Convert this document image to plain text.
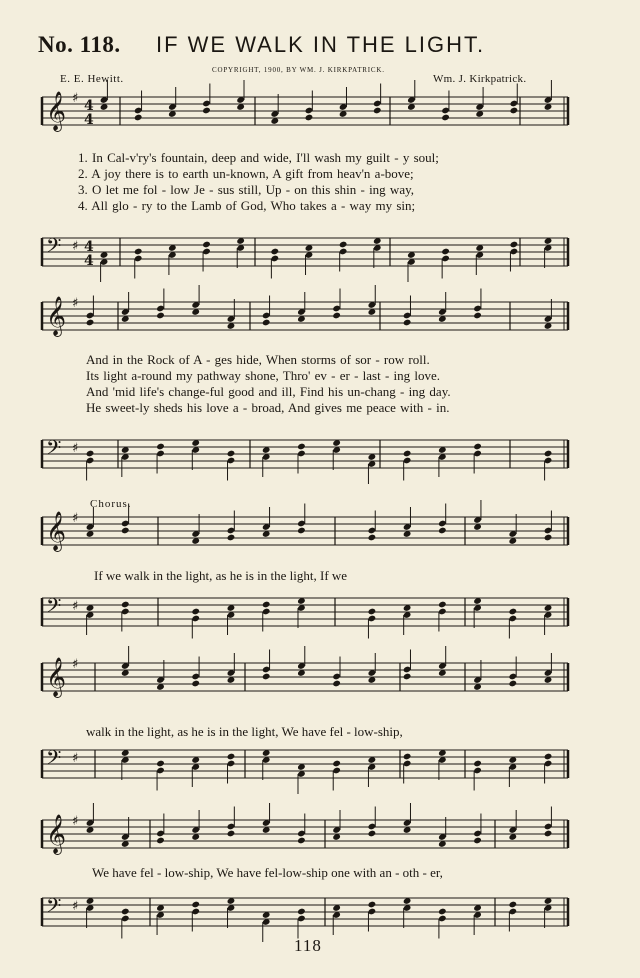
𝄞 ♯ 4
4
𝄢 ♯ 4
4
𝄞 ♯
𝄢 ♯
𝄞 ♯
𝄢 ♯
𝄞 ♯
𝄢 ♯
𝄞 ♯
𝄢 ♯
No. 118. IF WE WALK IN THE LIGHT.
COPYRIGHT, 1900, BY WM. J. KIRKPATRICK.
E. E. Hewitt.	Wm. J. Kirkpatrick.
1. In Cal-v'ry's fountain, deep and wide, I'll wash my guilt - y soul;
2. A joy there is to earth un-known, A gift from heav'n a-bove;
3. O let me fol - low Je - sus still, Up - on this shin - ing way,
4. All glo - ry to the Lamb of God, Who takes a - way my sin;
And in the Rock of A - ges hide, When storms of sor - row roll.
Its light a-round my pathway shone, Thro' ev - er - last - ing love.
And 'mid life's change-ful good and ill, Find his un-chang - ing day.
He sweet-ly sheds his love a - broad, And gives me peace with - in.
Chorus.
If we walk in the light, as he is in the light, If we
walk in the light, as he is in the light, We have fel - low-ship,
We have fel - low-ship, We have fel-low-ship one with an - oth - er,
118
